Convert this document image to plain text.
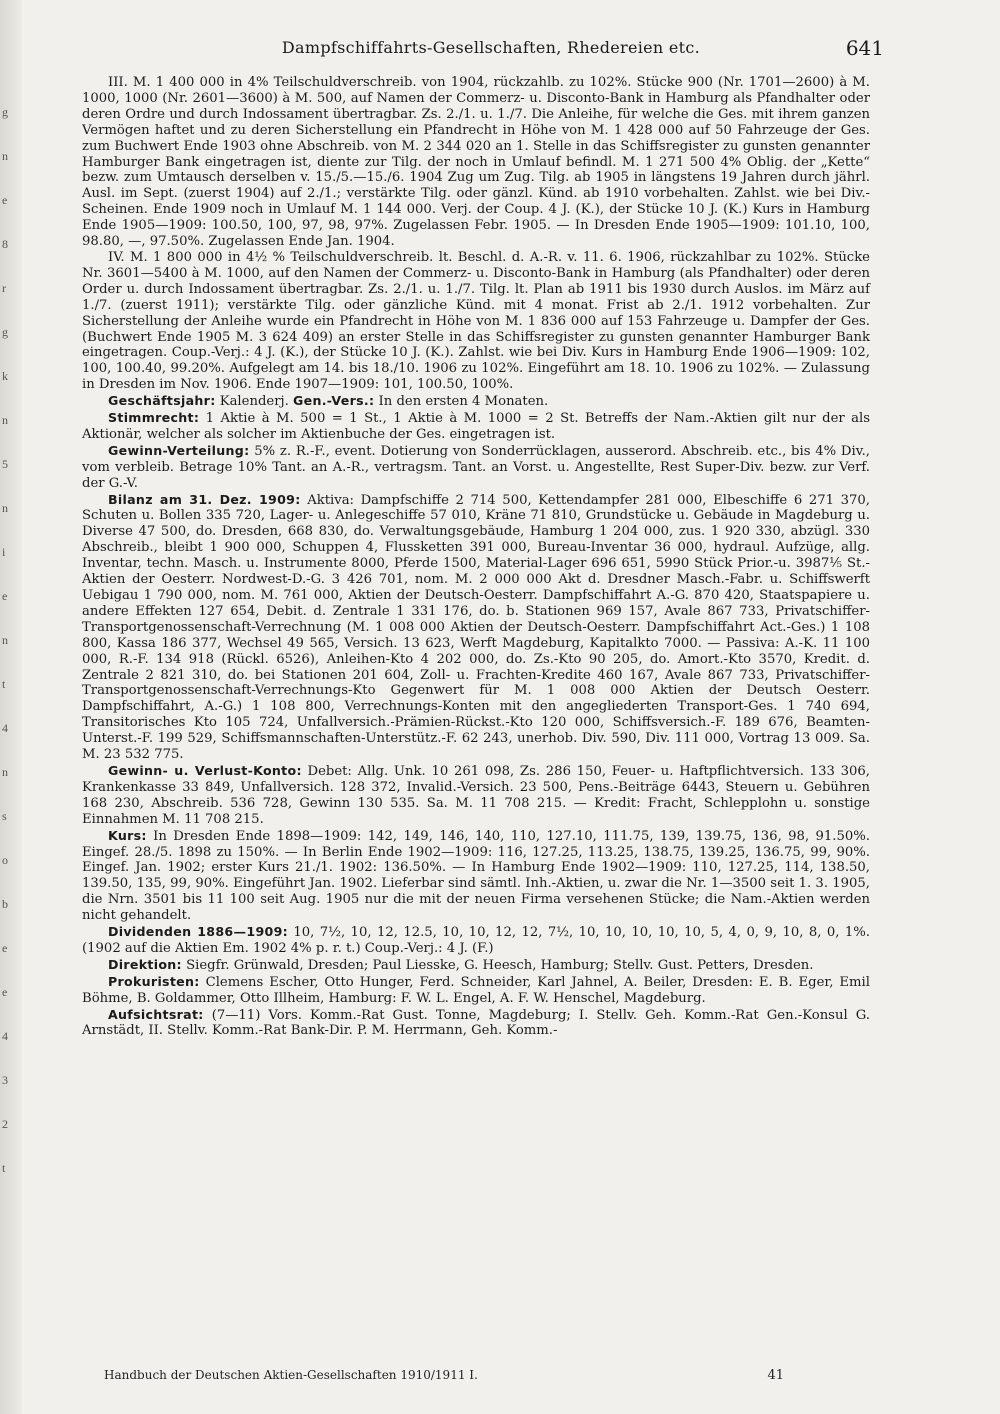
g
n
e
8
r
g
k
n
5
n
i
e
n
t
4
n
s
o
b
e
e
4
3
2
t
Dampfschiffahrts-Gesellschaften, Rhedereien etc.	641

III. M. 1 400 000 in 4% Teilschuldverschreib. von 1904, rückzahlb. zu 102%. Stücke 900 (Nr. 1701—2600) à M. 1000, 1000 (Nr. 2601—3600) à M. 500, auf Namen der Commerz- u. Disconto-Bank in Hamburg als Pfandhalter oder deren Ordre und durch Indossament übertragbar. Zs. 2./1. u. 1./7. Die Anleihe, für welche die Ges. mit ihrem ganzen Vermögen haftet und zu deren Sicherstellung ein Pfandrecht in Höhe von M. 1 428 000 auf 50 Fahrzeuge der Ges. zum Buchwert Ende 1903 ohne Abschreib. von M. 2 344 020 an 1. Stelle in das Schiffsregister zu gunsten genannter Hamburger Bank eingetragen ist, diente zur Tilg. der noch in Umlauf befindl. M. 1 271 500 4% Oblig. der „Kette“ bezw. zum Umtausch derselben v. 15./5.—15./6. 1904 Zug um Zug. Tilg. ab 1905 in längstens 19 Jahren durch jährl. Ausl. im Sept. (zuerst 1904) auf 2./1.; verstärkte Tilg. oder gänzl. Künd. ab 1910 vorbehalten. Zahlst. wie bei Div.-Scheinen. Ende 1909 noch in Umlauf M. 1 144 000. Verj. der Coup. 4 J. (K.), der Stücke 10 J. (K.) Kurs in Hamburg Ende 1905—1909: 100.50, 100, 97, 98, 97%. Zugelassen Febr. 1905. — In Dresden Ende 1905—1909: 101.10, 100, 98.80, —, 97.50%. Zugelassen Ende Jan. 1904.

IV. M. 1 800 000 in 4½ % Teilschuldverschreib. lt. Beschl. d. A.-R. v. 11. 6. 1906, rückzahlbar zu 102%. Stücke Nr. 3601—5400 à M. 1000, auf den Namen der Commerz- u. Disconto-Bank in Hamburg (als Pfandhalter) oder deren Order u. durch Indossament übertragbar. Zs. 2./1. u. 1./7. Tilg. lt. Plan ab 1911 bis 1930 durch Auslos. im März auf 1./7. (zuerst 1911); verstärkte Tilg. oder gänzliche Künd. mit 4 monat. Frist ab 2./1. 1912 vorbehalten. Zur Sicherstellung der Anleihe wurde ein Pfandrecht in Höhe von M. 1 836 000 auf 153 Fahrzeuge u. Dampfer der Ges. (Buchwert Ende 1905 M. 3 624 409) an erster Stelle in das Schiffsregister zu gunsten genannter Hamburger Bank eingetragen. Coup.-Verj.: 4 J. (K.), der Stücke 10 J. (K.). Zahlst. wie bei Div. Kurs in Hamburg Ende 1906—1909: 102, 100, 100.40, 99.20%. Aufgelegt am 14. bis 18./10. 1906 zu 102%. Eingeführt am 18. 10. 1906 zu 102%. — Zulassung in Dresden im Nov. 1906. Ende 1907—1909: 101, 100.50, 100%.

Geschäftsjahr: Kalenderj. Gen.-Vers.: In den ersten 4 Monaten.

Stimmrecht: 1 Aktie à M. 500 = 1 St., 1 Aktie à M. 1000 = 2 St. Betreffs der Nam.-Aktien gilt nur der als Aktionär, welcher als solcher im Aktienbuche der Ges. eingetragen ist.

Gewinn-Verteilung: 5% z. R.-F., event. Dotierung von Sonderrücklagen, ausserord. Abschreib. etc., bis 4% Div., vom verbleib. Betrage 10% Tant. an A.-R., vertragsm. Tant. an Vorst. u. Angestellte, Rest Super-Div. bezw. zur Verf. der G.-V.

Bilanz am 31. Dez. 1909: Aktiva: Dampfschiffe 2 714 500, Kettendampfer 281 000, Elbeschiffe 6 271 370, Schuten u. Bollen 335 720, Lager- u. Anlegeschiffe 57 010, Kräne 71 810, Grundstücke u. Gebäude in Magdeburg u. Diverse 47 500, do. Dresden, 668 830, do. Verwaltungsgebäude, Hamburg 1 204 000, zus. 1 920 330, abzügl. 330 Abschreib., bleibt 1 900 000, Schuppen 4, Flussketten 391 000, Bureau-Inventar 36 000, hydraul. Aufzüge, allg. Inventar, techn. Masch. u. Instrumente 8000, Pferde 1500, Material-Lager 696 651, 5990 Stück Prior.-u. 3987⅕ St.-Aktien der Oesterr. Nordwest-D.-G. 3 426 701, nom. M. 2 000 000 Akt d. Dresdner Masch.-Fabr. u. Schiffswerft Uebigau 1 790 000, nom. M. 761 000, Aktien der Deutsch-Oesterr. Dampfschiffahrt A.-G. 870 420, Staatspapiere u. andere Effekten 127 654, Debit. d. Zentrale 1 331 176, do. b. Stationen 969 157, Avale 867 733, Privatschiffer-Transportgenossenschaft-Verrechnung (M. 1 008 000 Aktien der Deutsch-Oesterr. Dampfschiffahrt Act.-Ges.) 1 108 800, Kassa 186 377, Wechsel 49 565, Versich. 13 623, Werft Magdeburg, Kapitalkto 7000. — Passiva: A.-K. 11 100 000, R.-F. 134 918 (Rückl. 6526), Anleihen-Kto 4 202 000, do. Zs.-Kto 90 205, do. Amort.-Kto 3570, Kredit. d. Zentrale 2 821 310, do. bei Stationen 201 604, Zoll- u. Frachten-Kredite 460 167, Avale 867 733, Privatschiffer-Transportgenossenschaft-Verrechnungs-Kto Gegenwert für M. 1 008 000 Aktien der Deutsch Oesterr. Dampfschiffahrt, A.-G.) 1 108 800, Verrechnungs-Konten mit den angegliederten Transport-Ges. 1 740 694, Transitorisches Kto 105 724, Unfallversich.-Prämien-Rückst.-Kto 120 000, Schiffsversich.-F. 189 676, Beamten-Unterst.-F. 199 529, Schiffsmannschaften-Unterstütz.-F. 62 243, unerhob. Div. 590, Div. 111 000, Vortrag 13 009. Sa. M. 23 532 775.

Gewinn- u. Verlust-Konto: Debet: Allg. Unk. 10 261 098, Zs. 286 150, Feuer- u. Haftpflichtversich. 133 306, Krankenkasse 33 849, Unfallversich. 128 372, Invalid.-Versich. 23 500, Pens.-Beiträge 6443, Steuern u. Gebühren 168 230, Abschreib. 536 728, Gewinn 130 535. Sa. M. 11 708 215. — Kredit: Fracht, Schlepplohn u. sonstige Einnahmen M. 11 708 215.

Kurs: In Dresden Ende 1898—1909: 142, 149, 146, 140, 110, 127.10, 111.75, 139, 139.75, 136, 98, 91.50%. Eingef. 28./5. 1898 zu 150%. — In Berlin Ende 1902—1909: 116, 127.25, 113.25, 138.75, 139.25, 136.75, 99, 90%. Eingef. Jan. 1902; erster Kurs 21./1. 1902: 136.50%. — In Hamburg Ende 1902—1909: 110, 127.25, 114, 138.50, 139.50, 135, 99, 90%. Eingeführt Jan. 1902. Lieferbar sind sämtl. Inh.-Aktien, u. zwar die Nr. 1—3500 seit 1. 3. 1905, die Nrn. 3501 bis 11 100 seit Aug. 1905 nur die mit der neuen Firma versehenen Stücke; die Nam.-Aktien werden nicht gehandelt.

Dividenden 1886—1909: 10, 7½, 10, 12, 12.5, 10, 10, 12, 12, 7½, 10, 10, 10, 10, 10, 5, 4, 0, 9, 10, 8, 0, 1%. (1902 auf die Aktien Em. 1902 4% p. r. t.) Coup.-Verj.: 4 J. (F.)

Direktion: Siegfr. Grünwald, Dresden; Paul Liesske, G. Heesch, Hamburg; Stellv. Gust. Petters, Dresden.

Prokuristen: Clemens Escher, Otto Hunger, Ferd. Schneider, Karl Jahnel, A. Beiler, Dresden: E. B. Eger, Emil Böhme, B. Goldammer, Otto Illheim, Hamburg: F. W. L. Engel, A. F. W. Henschel, Magdeburg.

Aufsichtsrat: (7—11) Vors. Komm.-Rat Gust. Tonne, Magdeburg; I. Stellv. Geh. Komm.-Rat Gen.-Konsul G. Arnstädt, II. Stellv. Komm.-Rat Bank-Dir. P. M. Herrmann, Geh. Komm.-

Handbuch der Deutschen Aktien-Gesellschaften 1910/1911 I.	41
